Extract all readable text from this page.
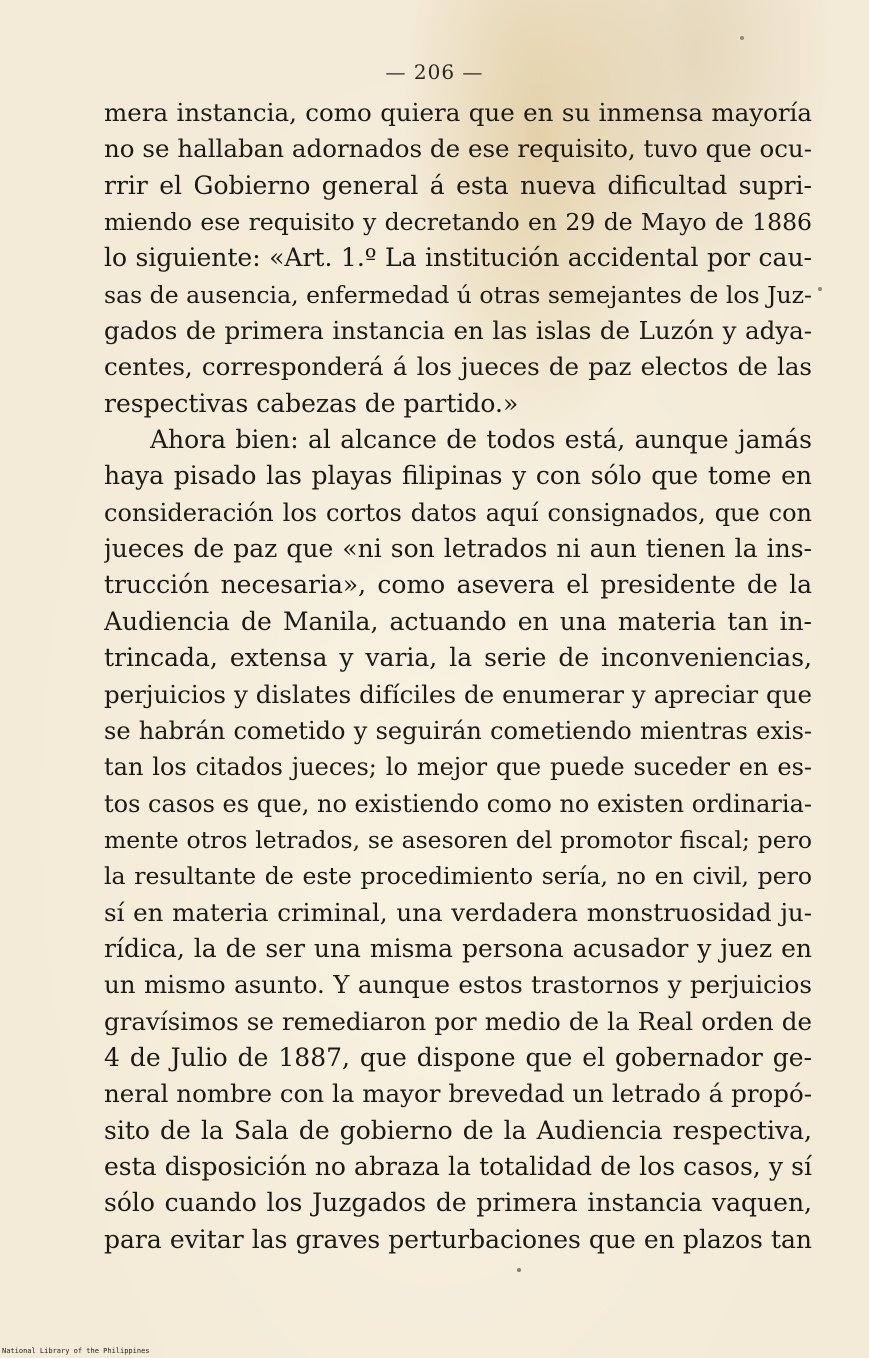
— 206 —
mera instancia, como quiera que en su inmensa mayoría
no se hallaban adornados de ese requisito, tuvo que ocu-
rrir el Gobierno general á esta nueva dificultad supri-
miendo ese requisito y decretando en 29 de Mayo de 1886
lo siguiente: «Art. 1.º La institución accidental por cau-
sas de ausencia, enfermedad ú otras semejantes de los Juz-
gados de primera instancia en las islas de Luzón y adya-
centes, corresponderá á los jueces de paz electos de las
respectivas cabezas de partido.»
Ahora bien: al alcance de todos está, aunque jamás
haya pisado las playas filipinas y con sólo que tome en
consideración los cortos datos aquí consignados, que con
jueces de paz que «ni son letrados ni aun tienen la ins-
trucción necesaria», como asevera el presidente de la
Audiencia de Manila, actuando en una materia tan in-
trincada, extensa y varia, la serie de inconveniencias,
perjuicios y dislates difíciles de enumerar y apreciar que
se habrán cometido y seguirán cometiendo mientras exis-
tan los citados jueces; lo mejor que puede suceder en es-
tos casos es que, no existiendo como no existen ordinaria-
mente otros letrados, se asesoren del promotor fiscal; pero
la resultante de este procedimiento sería, no en civil, pero
sí en materia criminal, una verdadera monstruosidad ju-
rídica, la de ser una misma persona acusador y juez en
un mismo asunto. Y aunque estos trastornos y perjuicios
gravísimos se remediaron por medio de la Real orden de
4 de Julio de 1887, que dispone que el gobernador ge-
neral nombre con la mayor brevedad un letrado á propó-
sito de la Sala de gobierno de la Audiencia respectiva,
esta disposición no abraza la totalidad de los casos, y sí
sólo cuando los Juzgados de primera instancia vaquen,
para evitar las graves perturbaciones que en plazos tan
National Library of the Philippines
